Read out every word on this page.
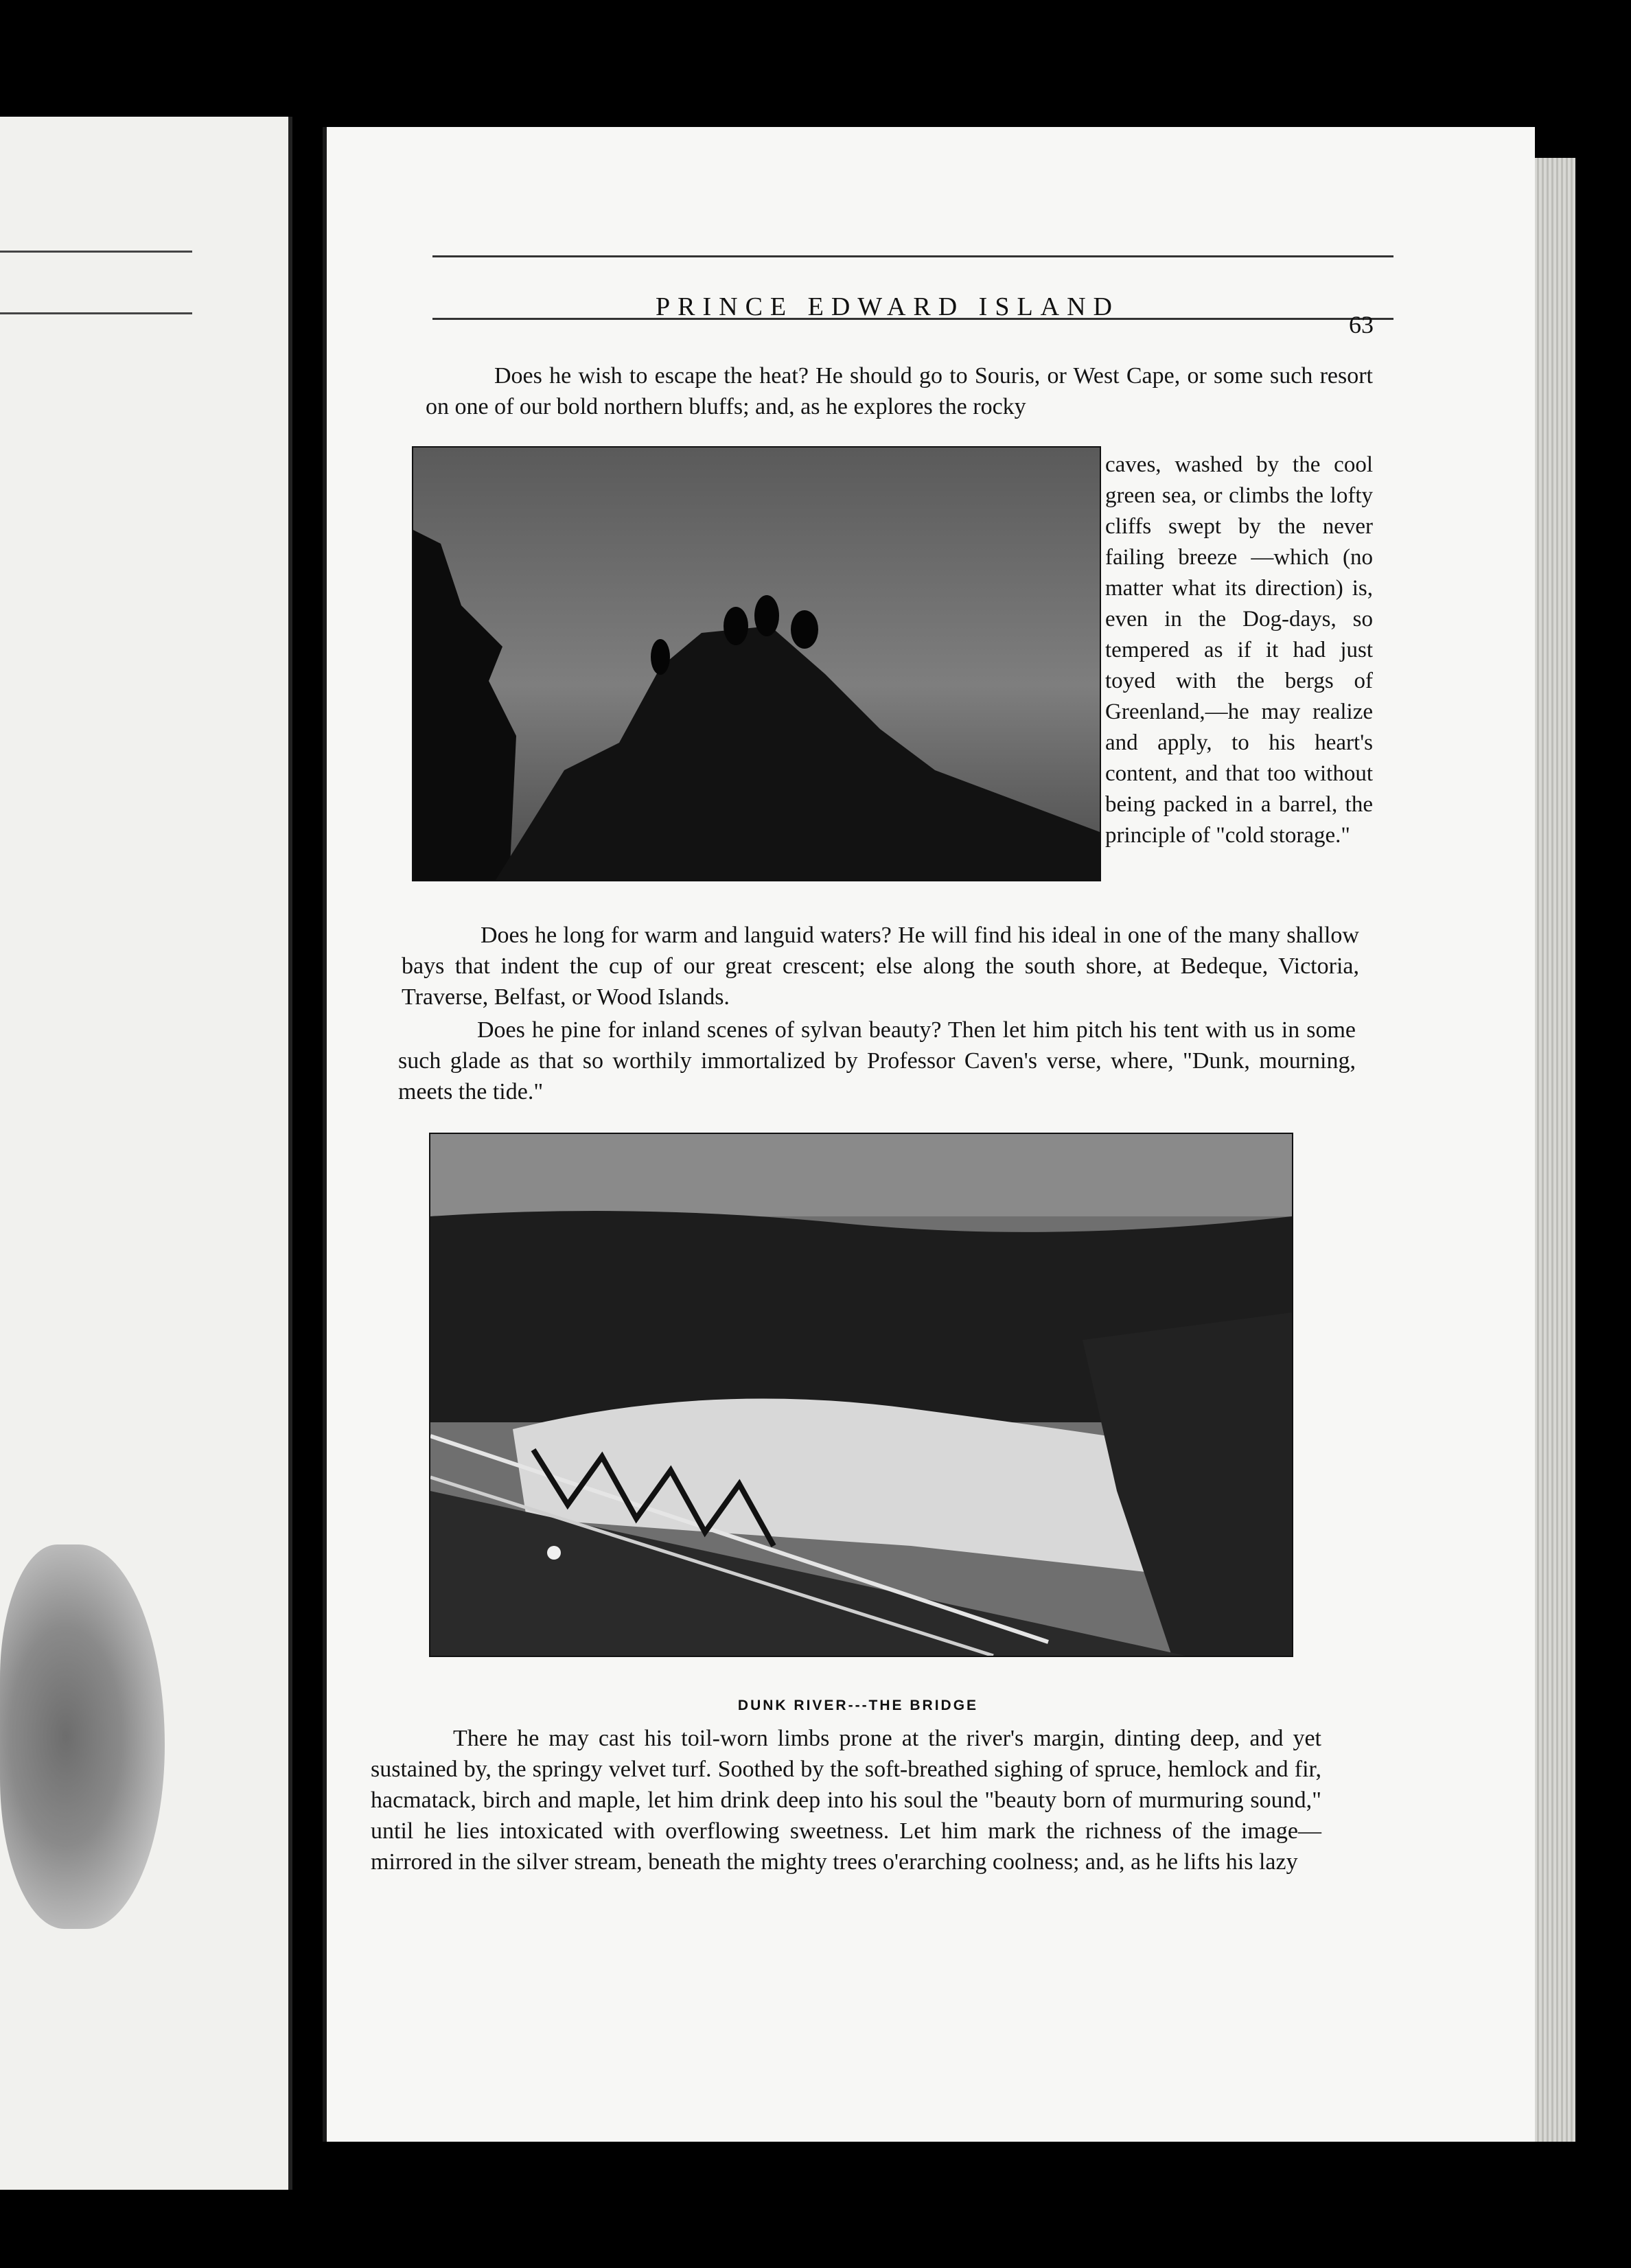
PRINCE EDWARD ISLAND
63
Does he wish to escape the heat? He should go to Souris, or West Cape, or some such resort on one of our bold northern bluffs; and, as he explores the rocky
caves, washed by the cool green sea, or climbs the lofty cliffs swept by the never failing breeze —which (no matter what its direction) is, even in the Dog-days, so tempered as if it had just toyed with the bergs of Greenland,—he may realize and apply, to his heart's content, and that too without being packed in a barrel, the principle of "cold storage."
Does he long for warm and languid waters? He will find his ideal in one of the many shallow bays that indent the cup of our great crescent; else along the south shore, at Bedeque, Victoria, Traverse, Belfast, or Wood Islands.
Does he pine for inland scenes of sylvan beauty? Then let him pitch his tent with us in some such glade as that so worthily immortalized by Professor Caven's verse, where, "Dunk, mourning, meets the tide."
DUNK RIVER---THE BRIDGE
There he may cast his toil-worn limbs prone at the river's margin, dinting deep, and yet sustained by, the springy velvet turf. Soothed by the soft-breathed sighing of spruce, hemlock and fir, hacmatack, birch and maple, let him drink deep into his soul the "beauty born of murmuring sound," until he lies intoxicated with overflowing sweetness. Let him mark the richness of the image—mirrored in the silver stream, beneath the mighty trees o'erarching coolness; and, as he lifts his lazy
